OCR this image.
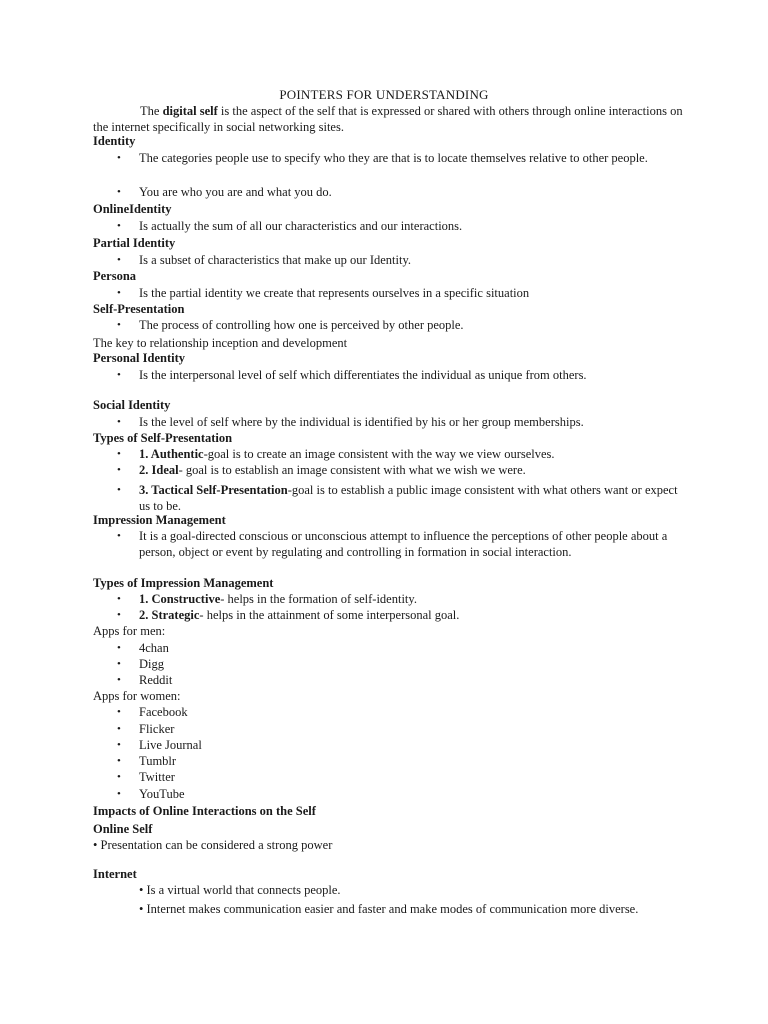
POINTERS FOR UNDERSTANDING
The digital self is the aspect of the self that is expressed or shared with others through online interactions on the internet specifically in social networking sites.
Identity
•	The categories people use to specify who they are that is to locate themselves relative to other people.
•	You are who you are and what you do.
OnlineIdentity
•	Is actually the sum of all our characteristics and our interactions.
Partial Identity
•	Is a subset of characteristics that make up our Identity.
Persona
•	Is the partial identity we create that represents ourselves in a specific situation
Self-Presentation
•	The process of controlling how one is perceived by other people.
The key to relationship inception and development
Personal Identity
•	Is the interpersonal level of self which differentiates the individual as unique from others.
Social Identity
•	Is the level of self where by the individual is identified by his or her group memberships.
Types of Self-Presentation
•	1. Authentic-goal is to create an image consistent with the way we view ourselves.
•	2. Ideal- goal is to establish an image consistent with what we wish we were.
•	3. Tactical Self-Presentation-goal is to establish a public image consistent with what others want or expect us to be.
Impression Management
•	It is a goal-directed conscious or unconscious attempt to influence the perceptions of other people about a person, object or event by regulating and controlling in formation in social interaction.
Types of Impression Management
•	1. Constructive- helps in the formation of self-identity.
•	2. Strategic- helps in the attainment of some interpersonal goal.
Apps for men:
•	4chan
•	Digg
•	Reddit
Apps for women:
•	Facebook
•	Flicker
•	Live Journal
•	Tumblr
•	Twitter
•	YouTube
Impacts of Online Interactions on the Self
Online Self
• Presentation can be considered a strong power
Internet
• Is a virtual world that connects people.
• Internet makes communication easier and faster and make modes of communication more diverse.
